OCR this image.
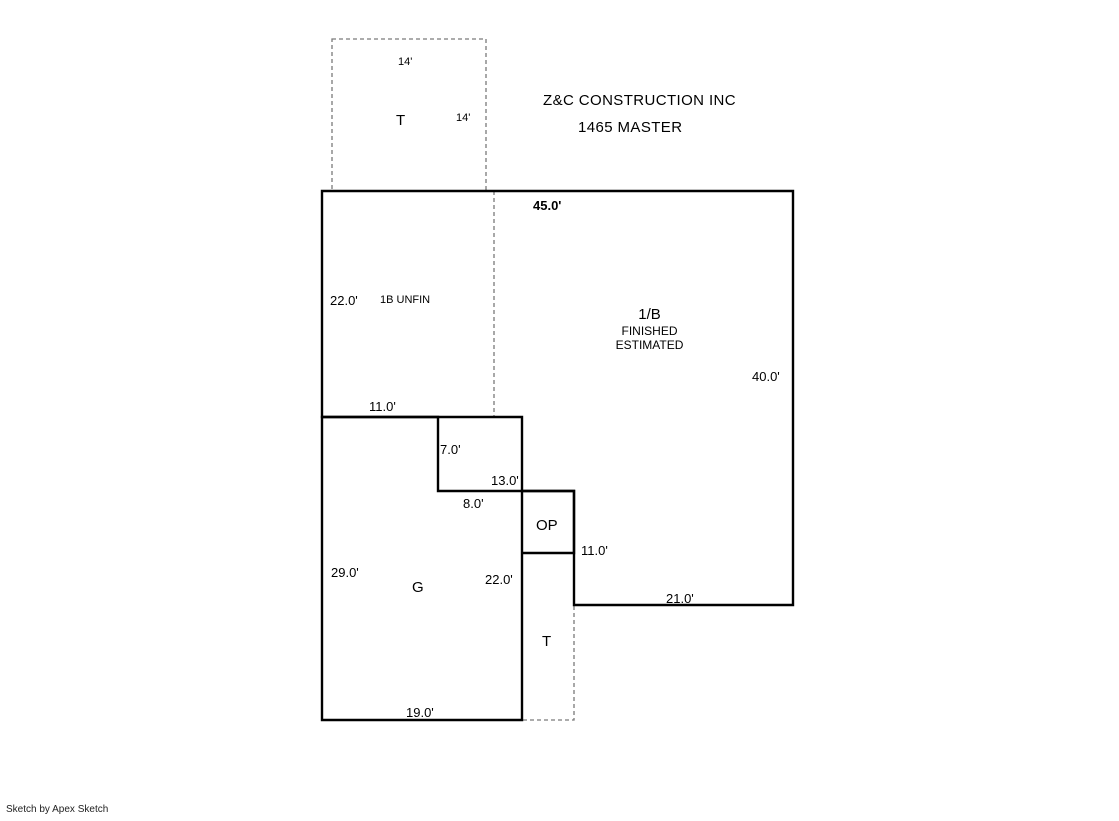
Z&C CONSTRUCTION INC
1465 MASTER
T
1B UNFIN
1/B
FINISHED
ESTIMATED
G
OP
T
14'
14'
45.0'
22.0'
40.0'
11.0'
7.0'
13.0'
8.0'
11.0'
29.0'	22.0'
21.0'
19.0'
Sketch by Apex Sketch
